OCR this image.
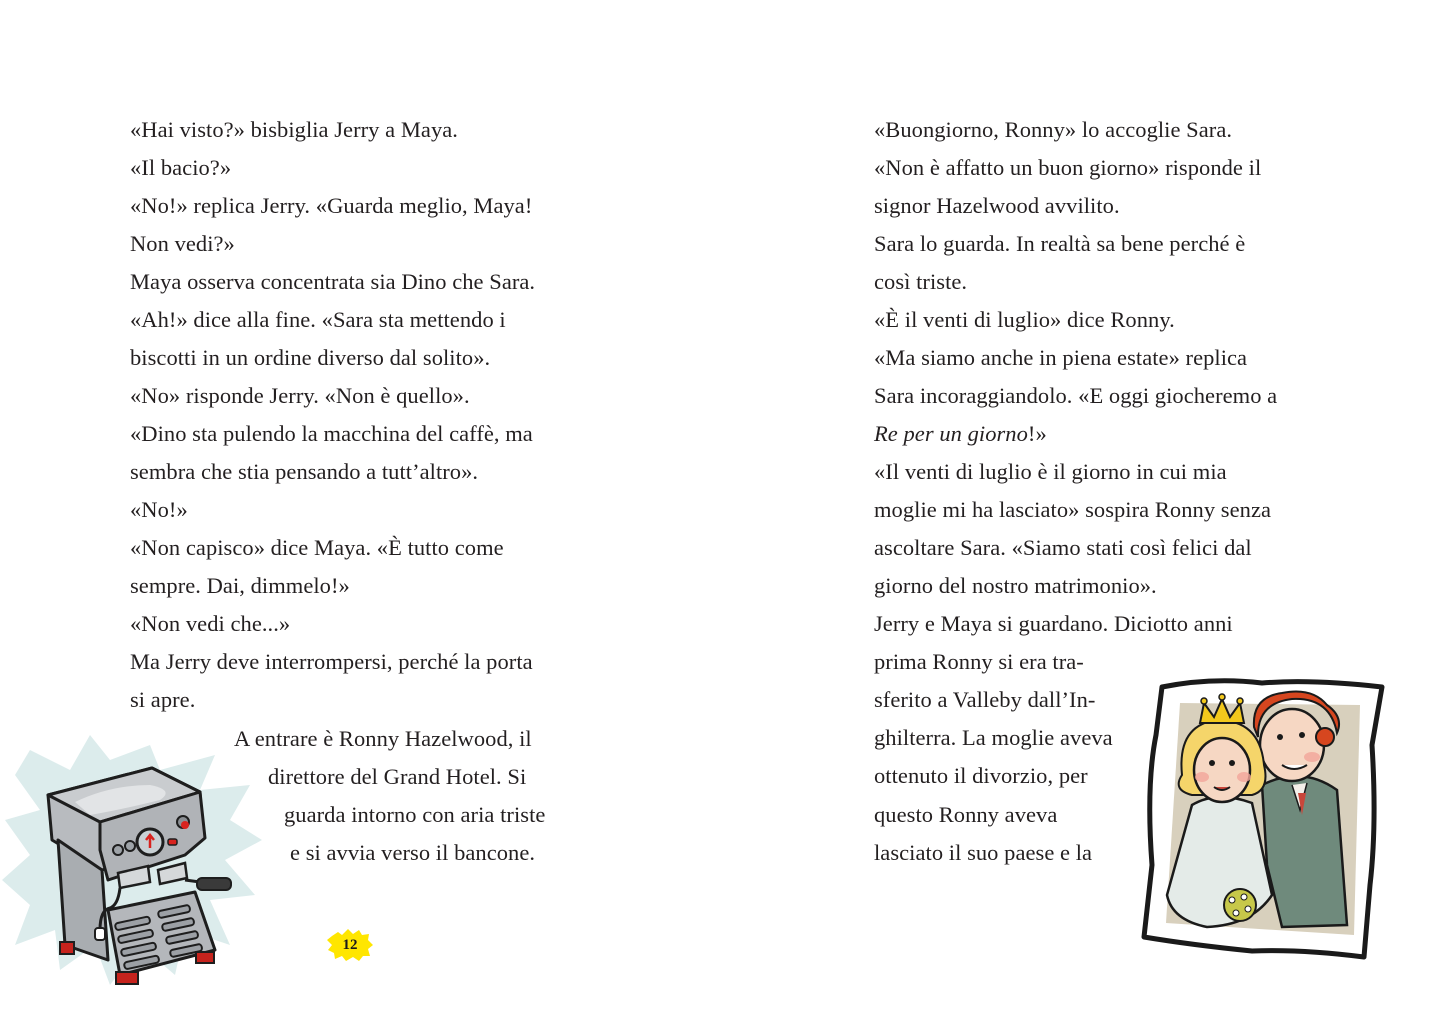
«Hai visto?» bisbiglia Jerry a Maya.
«Il bacio?»
«No!» replica Jerry. «Guarda meglio, Maya!
Non vedi?»
Maya osserva concentrata sia Dino che Sara.
«Ah!» dice alla fine. «Sara sta mettendo i
biscotti in un ordine diverso dal solito».
«No» risponde Jerry. «Non è quello».
«Dino sta pulendo la macchina del caffè, ma
sembra che stia pensando a tutt’altro».
«No!»
«Non capisco» dice Maya. «È tutto come
sempre. Dai, dimmelo!»
«Non vedi che...»
Ma Jerry deve interrompersi, perché la porta
si apre.
A entrare è Ronny Hazelwood, il
direttore del Grand Hotel. Si
guarda intorno con aria triste
e si avvia verso il bancone.
12
«Buongiorno, Ronny» lo accoglie Sara.
«Non è affatto un buon giorno» risponde il
signor Hazelwood avvilito.
Sara lo guarda. In realtà sa bene perché è
così triste.
«È il venti di luglio» dice Ronny.
«Ma siamo anche in piena estate» replica
Sara incoraggiandolo. «E oggi giocheremo a
Re per un giorno!»
«Il venti di luglio è il giorno in cui mia
moglie mi ha lasciato» sospira Ronny senza
ascoltare Sara. «Siamo stati così felici dal
giorno del nostro matrimonio».
Jerry e Maya si guardano. Diciotto anni
prima Ronny si era tra-
sferito a Valleby dall’In-
ghilterra. La moglie aveva
ottenuto il divorzio, per
questo Ronny aveva
lasciato il suo paese e la
